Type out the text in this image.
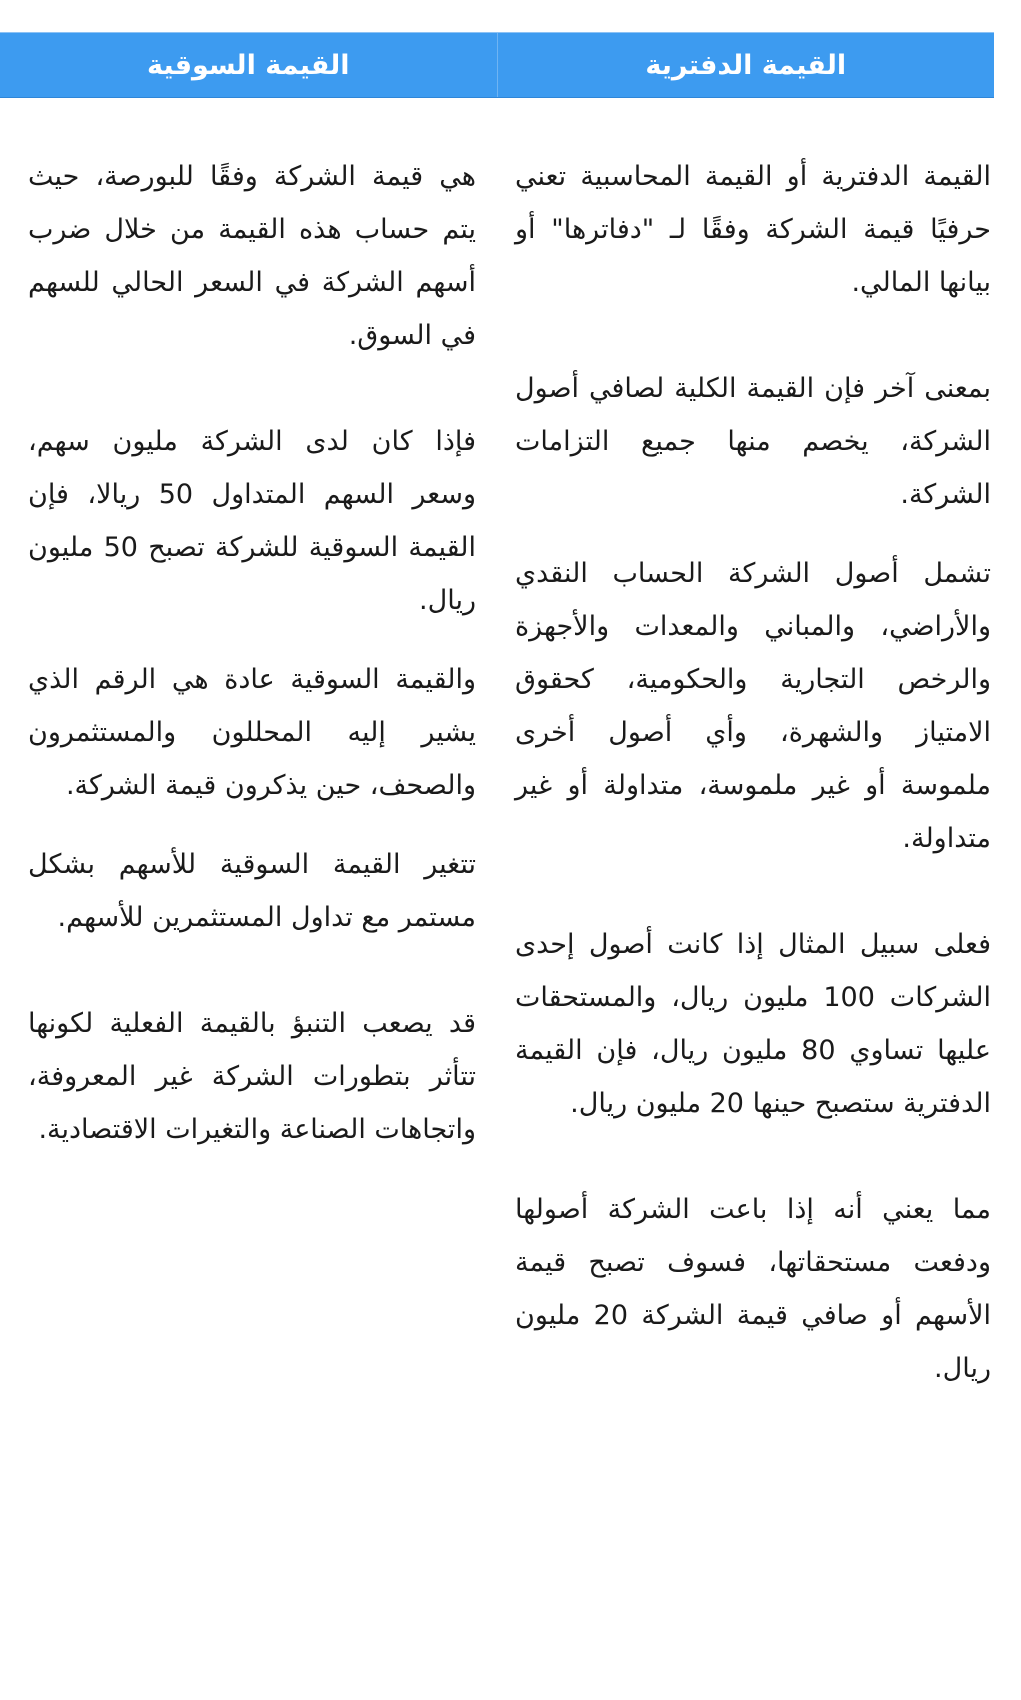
القيمة الدفترية
القيمة السوقية

القيمة الدفترية أو القيمة المحاسبية تعني حرفيًا قيمة الشركة وفقًا لـ "دفاترها" أو بيانها المالي.

بمعنى آخر فإن القيمة الكلية لصافي أصول الشركة، يخصم منها جميع التزامات الشركة.

تشمل أصول الشركة الحساب النقدي والأراضي، والمباني والمعدات والأجهزة والرخص التجارية والحكومية، كحقوق الامتياز والشهرة، وأي أصول أخرى ملموسة أو غير ملموسة، متداولة أو غير متداولة.

فعلى سبيل المثال إذا كانت أصول إحدى الشركات 100 مليون ريال، والمستحقات عليها تساوي 80 مليون ريال، فإن القيمة الدفترية ستصبح حينها 20 مليون ريال.

مما يعني أنه إذا باعت الشركة أصولها ودفعت مستحقاتها، فسوف تصبح قيمة الأسهم أو صافي قيمة الشركة 20 مليون ريال.

هي قيمة الشركة وفقًا للبورصة، حيث يتم حساب هذه القيمة من خلال ضرب أسهم الشركة في السعر الحالي للسهم في السوق.

فإذا كان لدى الشركة مليون سهم، وسعر السهم المتداول 50 ريالا، فإن القيمة السوقية للشركة تصبح 50 مليون ريال.

والقيمة السوقية عادة هي الرقم الذي يشير إليه المحللون والمستثمرون والصحف، حين يذكرون قيمة الشركة.

تتغير القيمة السوقية للأسهم بشكل مستمر مع تداول المستثمرين للأسهم.

قد يصعب التنبؤ بالقيمة الفعلية لكونها تتأثر بتطورات الشركة غير المعروفة، واتجاهات الصناعة والتغيرات الاقتصادية.
